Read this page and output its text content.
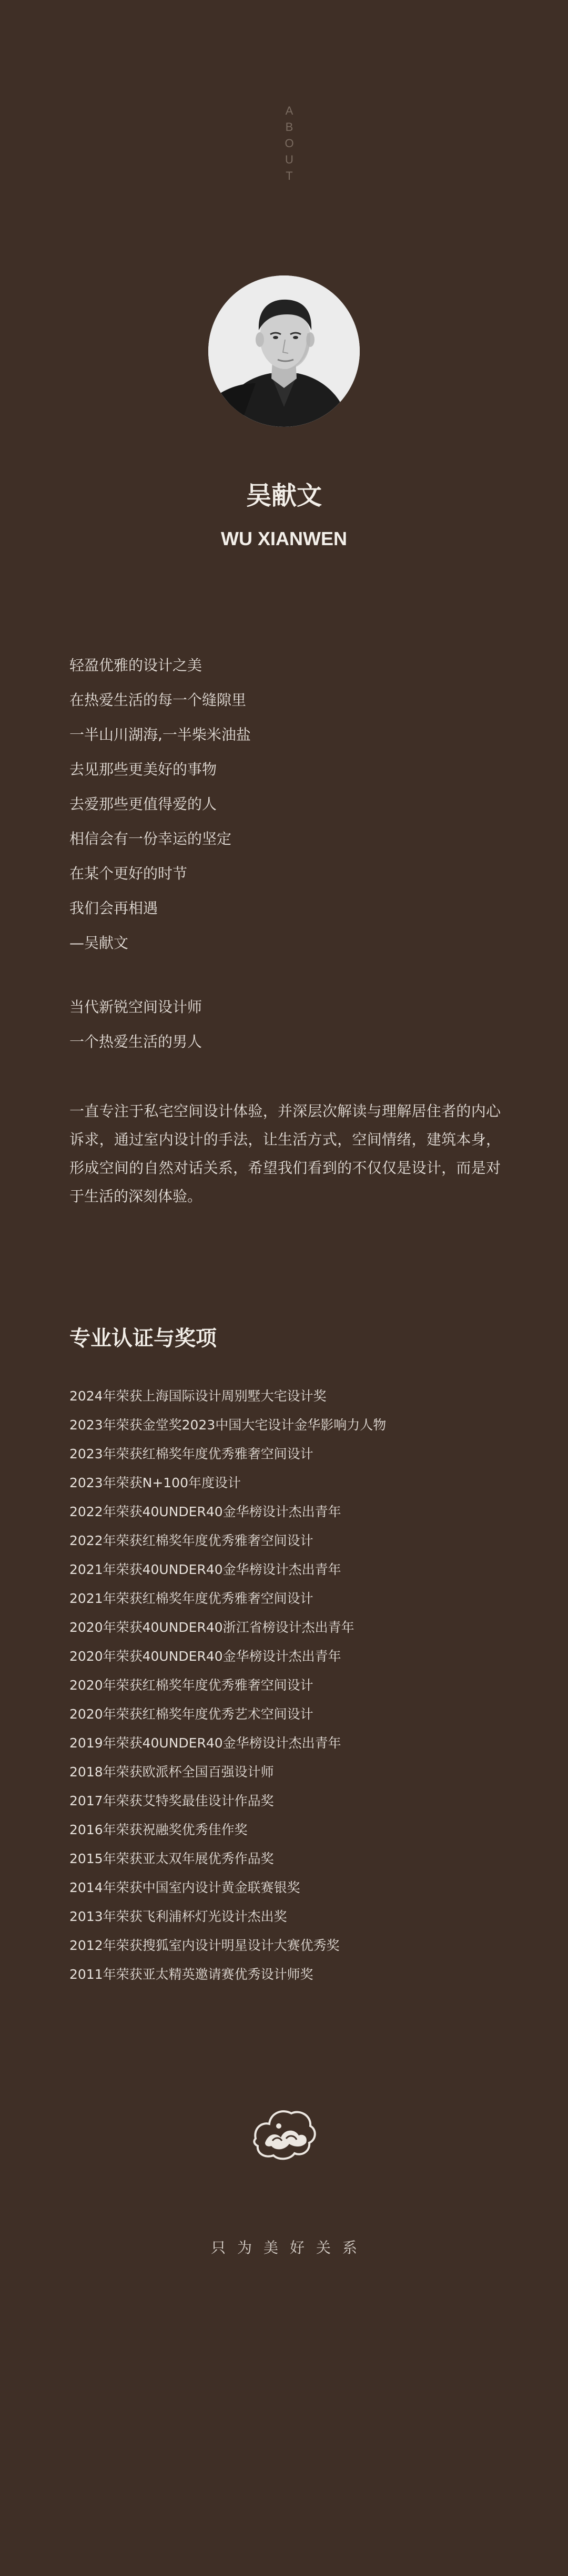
A
B
O
U
T
吴献文
WU XIANWEN
轻盈优雅的设计之美
在热爱生活的每一个缝隙里
一半山川湖海,一半柴米油盐
去见那些更美好的事物
去爱那些更值得爱的人
相信会有一份幸运的坚定
在某个更好的时节
我们会再相遇
—吴献文
当代新锐空间设计师
一个热爱生活的男人
一直专注于私宅空间设计体验，并深层次解读与理解居住者的内心诉求，通过室内设计的手法，让生活方式，空间情绪，建筑本身，形成空间的自然对话关系，希望我们看到的不仅仅是设计，而是对于生活的深刻体验。
专业认证与奖项
2024年荣获上海国际设计周别墅大宅设计奖
2023年荣获金堂奖2023中国大宅设计金华影响力人物
2023年荣获红棉奖年度优秀雅奢空间设计
2023年荣获N+100年度设计
2022年荣获40UNDER40金华榜设计杰出青年
2022年荣获红棉奖年度优秀雅奢空间设计
2021年荣获40UNDER40金华榜设计杰出青年
2021年荣获红棉奖年度优秀雅奢空间设计
2020年荣获40UNDER40浙江省榜设计杰出青年
2020年荣获40UNDER40金华榜设计杰出青年
2020年荣获红棉奖年度优秀雅奢空间设计
2020年荣获红棉奖年度优秀艺术空间设计
2019年荣获40UNDER40金华榜设计杰出青年
2018年荣获欧派杯全国百强设计师
2017年荣获艾特奖最佳设计作品奖
2016年荣获祝融奖优秀佳作奖
2015年荣获亚太双年展优秀作品奖
2014年荣获中国室内设计黄金联赛银奖
2013年荣获飞利浦杯灯光设计杰出奖
2012年荣获搜狐室内设计明星设计大赛优秀奖
2011年荣获亚太精英邀请赛优秀设计师奖
只为美好关系
